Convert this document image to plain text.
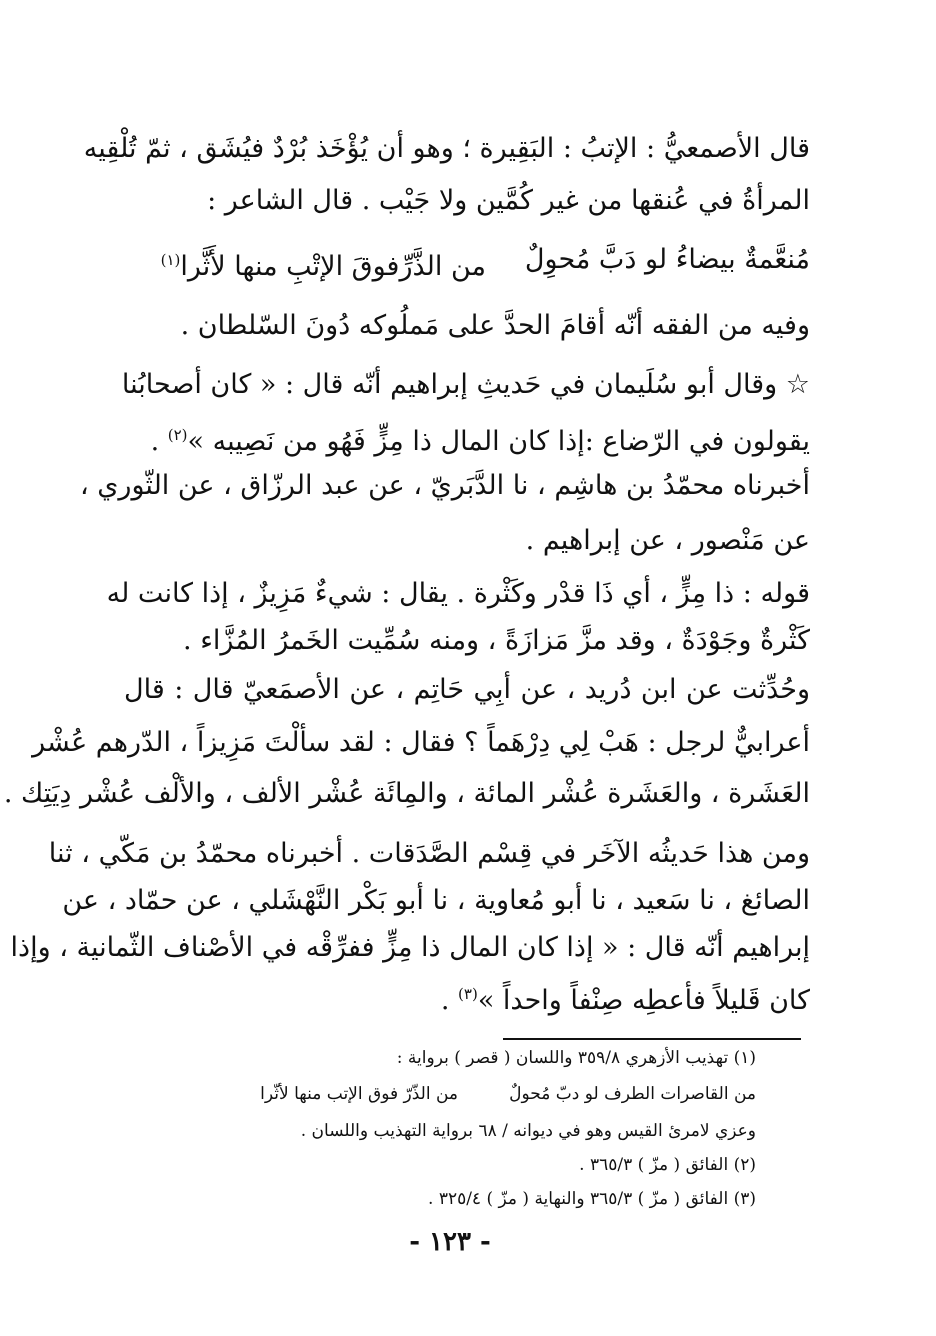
قال الأصمعيُّ : الإتبُ : البَقِيرة ؛ وهو أن يُؤْخَذ بُرْدٌ فيُشَق ، ثمّ تُلْقِيه
المرأةُ في عُنقها من غير كُمَّين ولا جَيْب . قال الشاعر :
مُنعَّمةٌ بيضاءُ لو دَبَّ مُحوِلٌ
من الذَّرِّفوقَ الإتْبِ منها لأَثَّرا$^{(١)}$
وفيه من الفقه أنّه أقامَ الحدَّ على مَملُوكه دُونَ السّلطان .
☆ وقال أبو سُلَيمان في حَديثِ إبراهيم أنّه قال : « كان أصحابُنا
يقولون في الرّضاع :إذا كان المال ذا مِزٍّ فَهُو من نَصِيبه »$^{(٢)}$ .
أخبرناه محمّدُ بن هاشِم ، نا الدَّبَريّ ، عن عبد الرزّاق ، عن الثّوري ،
عن مَنْصور ، عن إبراهيم .
قوله : ذا مِزٍّ ، أي ذَا قدْر وكَثْرة . يقال : شيءٌ مَزِيزٌ ، إذا كانت له
كَثْرةٌ وجَوْدَةٌ ، وقد مزَّ مَزازَةً ، ومنه سُمِّيت الخَمرُ المُزَّاء .
وحُدِّثت عن ابن دُريد ، عن أبِي حَاتِم ، عن الأصمَعيّ قال : قال
أعرابيٌّ لرجل : هَبْ لِي دِرْهَماً ؟ فقال : لقد سألْتَ مَزِيزاً ، الدّرهم عُشْر
العَشَرة ، والعَشَرة عُشْر المائة ، والمِائَة عُشْر الألف ، والألْف عُشْر دِيَتِك .
ومن هذا حَديثُه الآخَر في قِسْم الصَّدَقات . أخبرناه محمّدُ بن مَكّي ، ثنا
الصائغ ، نا سَعيد ، نا أبو مُعاوية ، نا أبو بَكْر النَّهْشَلي ، عن حمّاد ، عن
إبراهيم أنّه قال : « إذا كان المال ذا مِزٍّ ففرِّقْه في الأصْناف الثّمانية ، وإذا
كان قَليلاً فأعطِه صِنْفاً واحداً »$^{(٣)}$ .
(١) تهذيب الأزهري ٣٥٩/٨ واللسان ( قصر ) برواية :
من القاصرات الطرف لو دبّ مُحولٌ
من الذّرّ فوق الإتب منها لأثّرا
وعزي لامرئ القيس وهو في ديوانه / ٦٨ برواية التهذيب واللسان .
(٢) الفائق ( مزّ ) ٣٦٥/٣ .
(٣) الفائق ( مزّ ) ٣٦٥/٣ والنهاية ( مزّ ) ٣٢٥/٤ .
- ١٢٣ -
